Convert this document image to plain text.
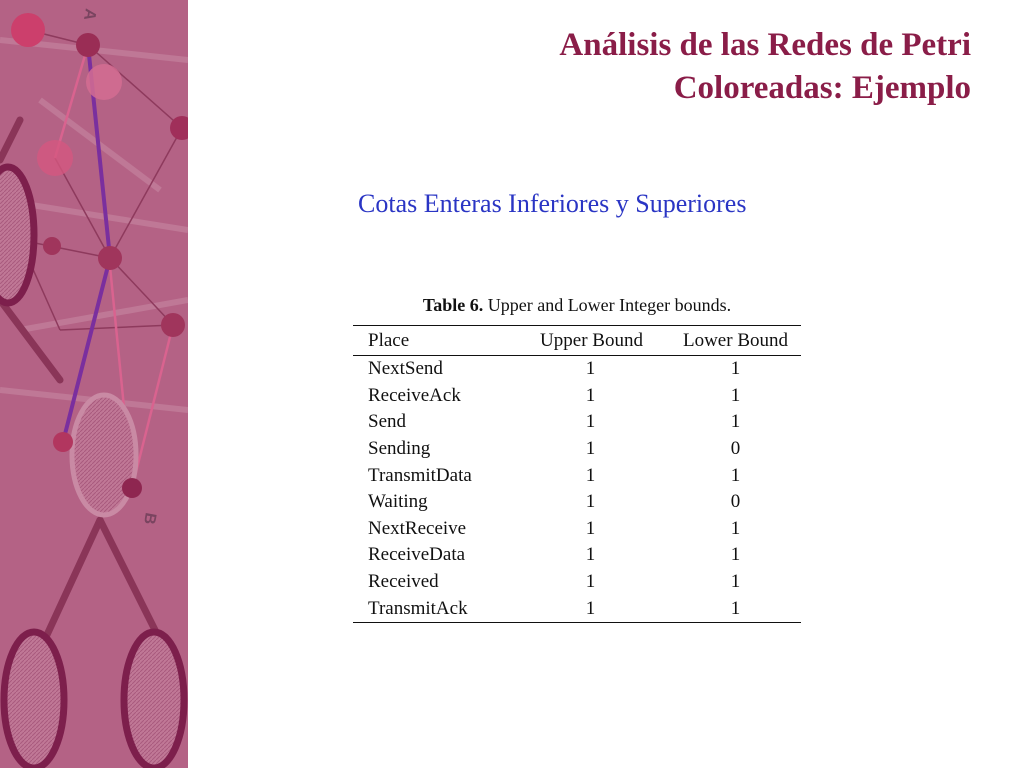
A
B
Análisis de las Redes de Petri
Coloreadas: Ejemplo
Cotas Enteras Inferiores y Superiores
Table 6. Upper and Lower Integer bounds.
Place	Upper Bound	Lower Bound
NextSend	1	1
ReceiveAck	1	1
Send	1	1
Sending	1	0
TransmitData	1	1
Waiting	1	0
NextReceive	1	1
ReceiveData	1	1
Received	1	1
TransmitAck	1	1
